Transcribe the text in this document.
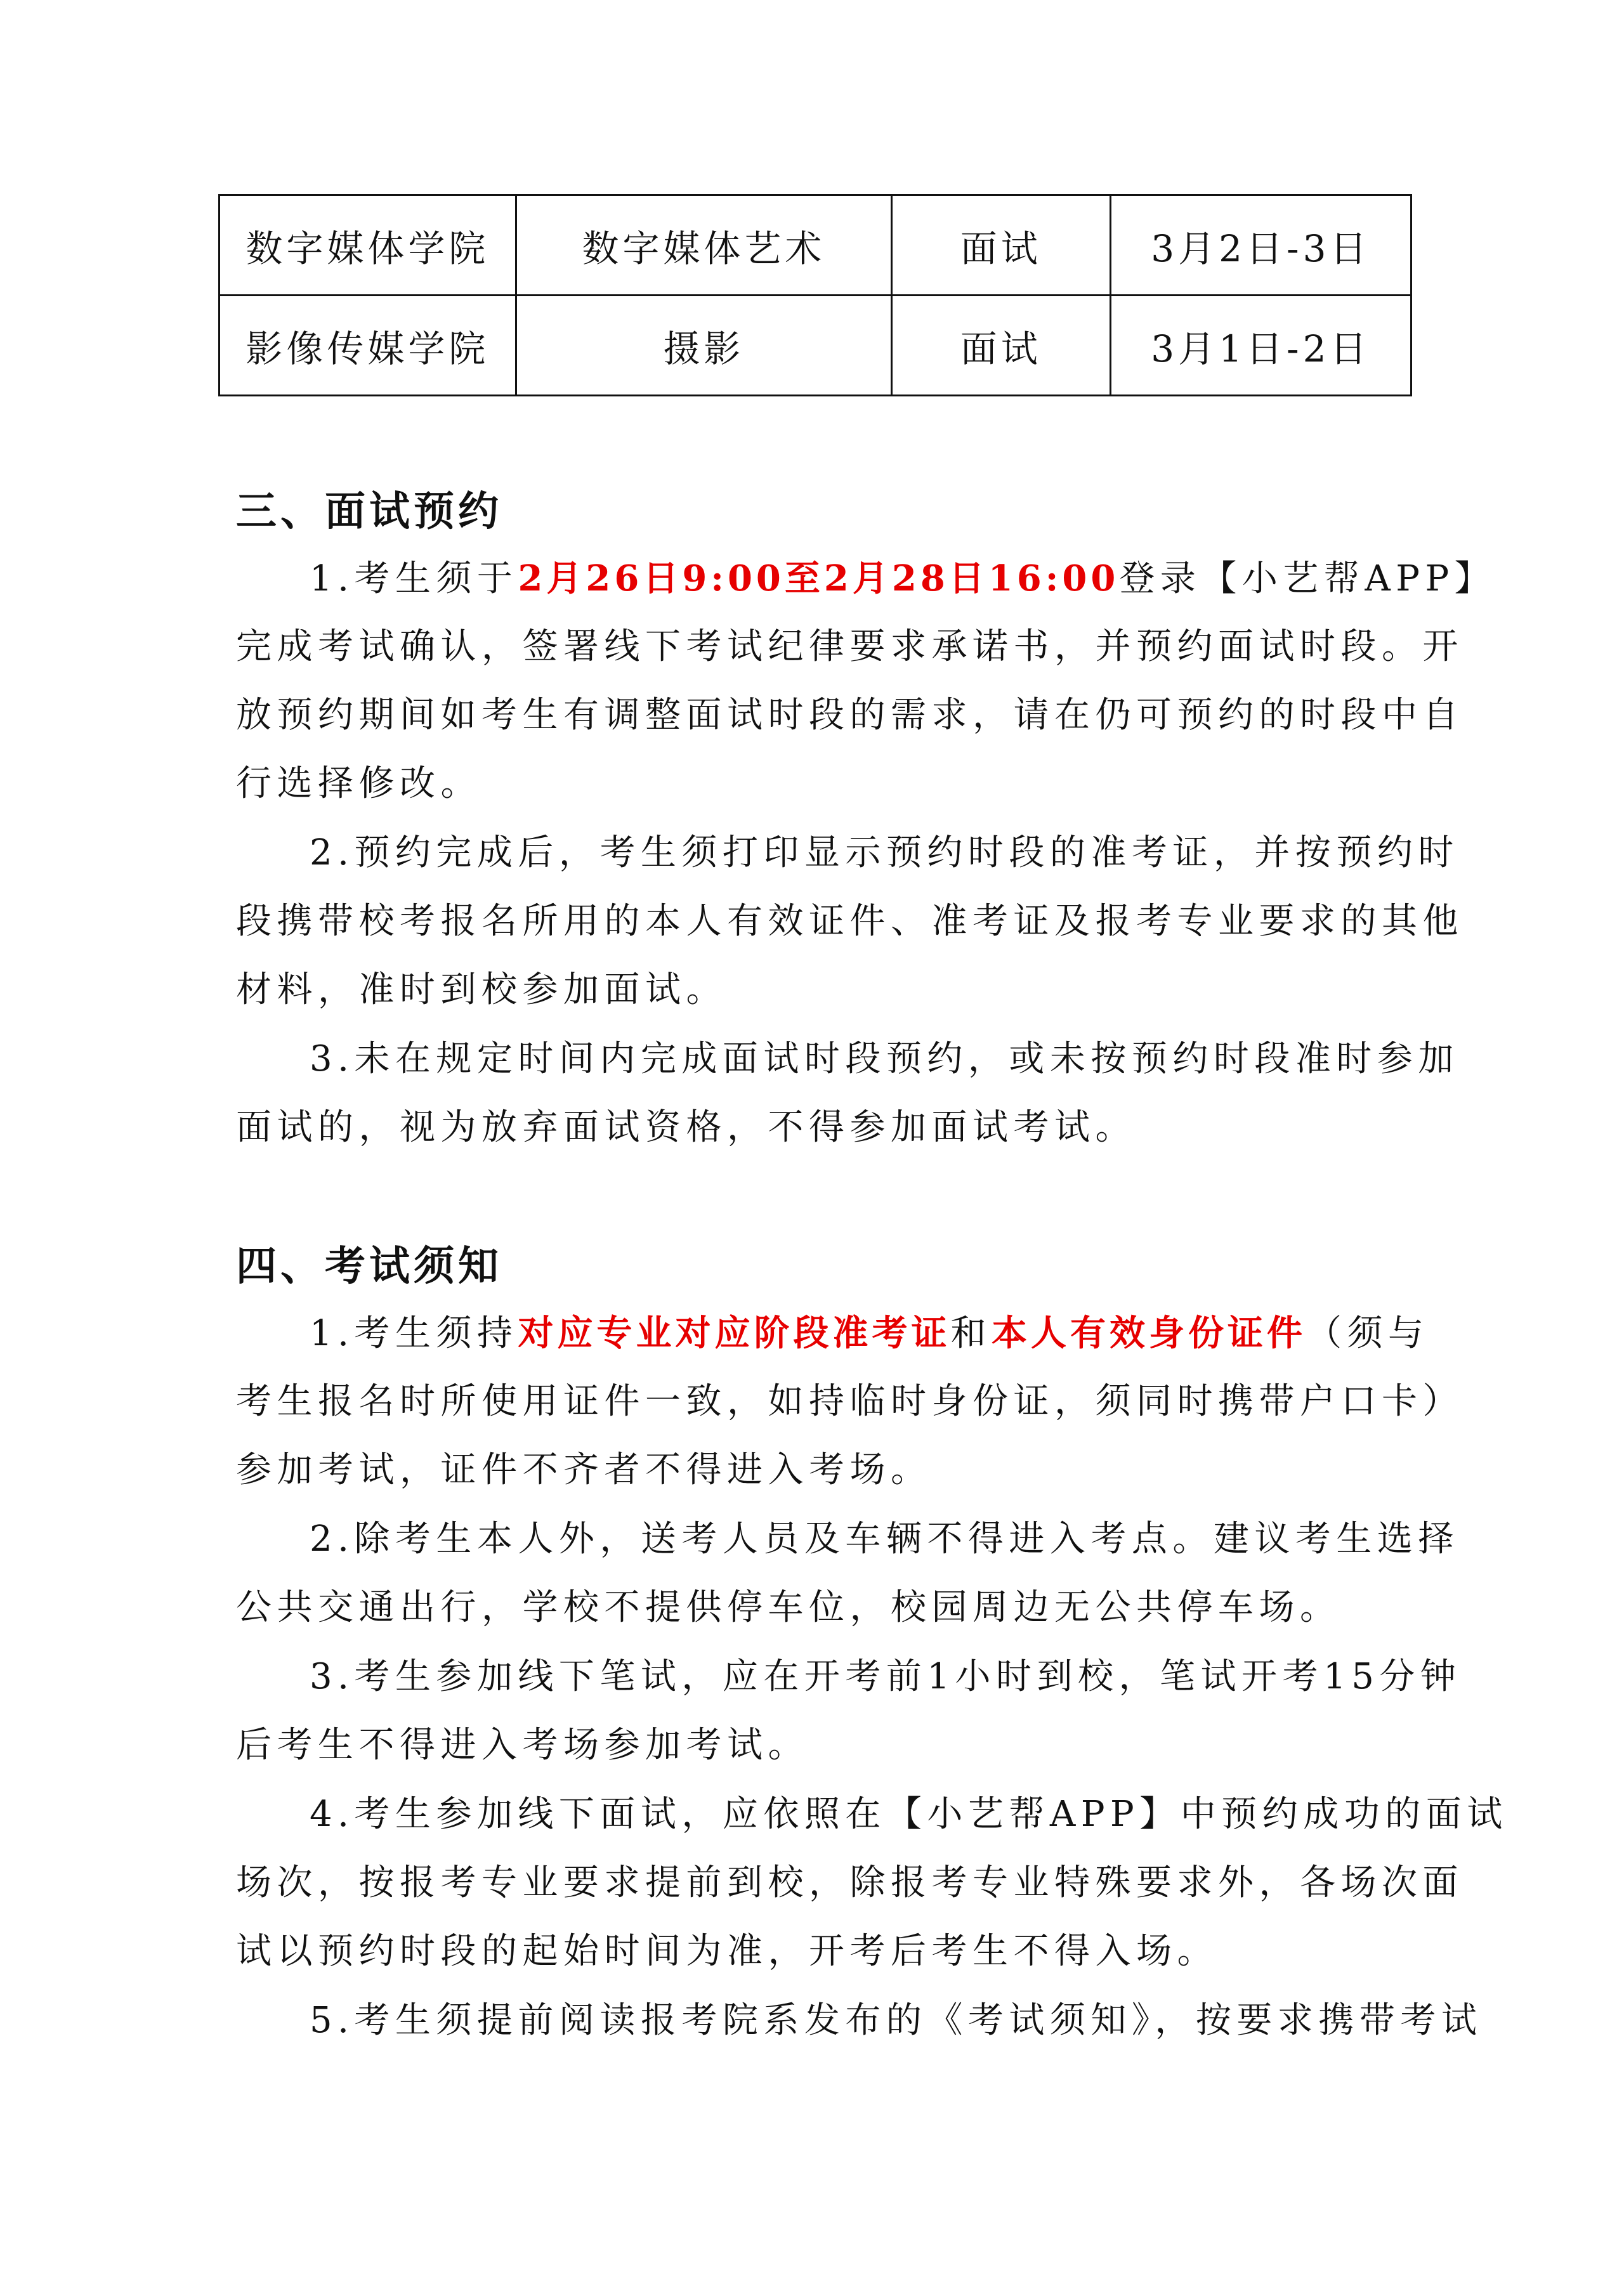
数字媒体学院	数字媒体艺术	面试	3月2日-3日
影像传媒学院	摄影	面试	3月1日-2日
三、面试预约
1.考生须于2月26日9:00至2月28日16:00登录【小艺帮APP】
完成考试确认，签署线下考试纪律要求承诺书，并预约面试时段。开
放预约期间如考生有调整面试时段的需求，请在仍可预约的时段中自
行选择修改。
2.预约完成后，考生须打印显示预约时段的准考证，并按预约时
段携带校考报名所用的本人有效证件、准考证及报考专业要求的其他
材料，准时到校参加面试。
3.未在规定时间内完成面试时段预约，或未按预约时段准时参加
面试的，视为放弃面试资格，不得参加面试考试。
四、考试须知
1.考生须持对应专业对应阶段准考证和本人有效身份证件（须与
考生报名时所使用证件一致，如持临时身份证，须同时携带户口卡）
参加考试，证件不齐者不得进入考场。
2.除考生本人外，送考人员及车辆不得进入考点。建议考生选择
公共交通出行，学校不提供停车位，校园周边无公共停车场。
3.考生参加线下笔试，应在开考前1小时到校，笔试开考15分钟
后考生不得进入考场参加考试。
4.考生参加线下面试，应依照在【小艺帮APP】中预约成功的面试
场次，按报考专业要求提前到校，除报考专业特殊要求外，各场次面
试以预约时段的起始时间为准，开考后考生不得入场。
5.考生须提前阅读报考院系发布的《考试须知》，按要求携带考试
